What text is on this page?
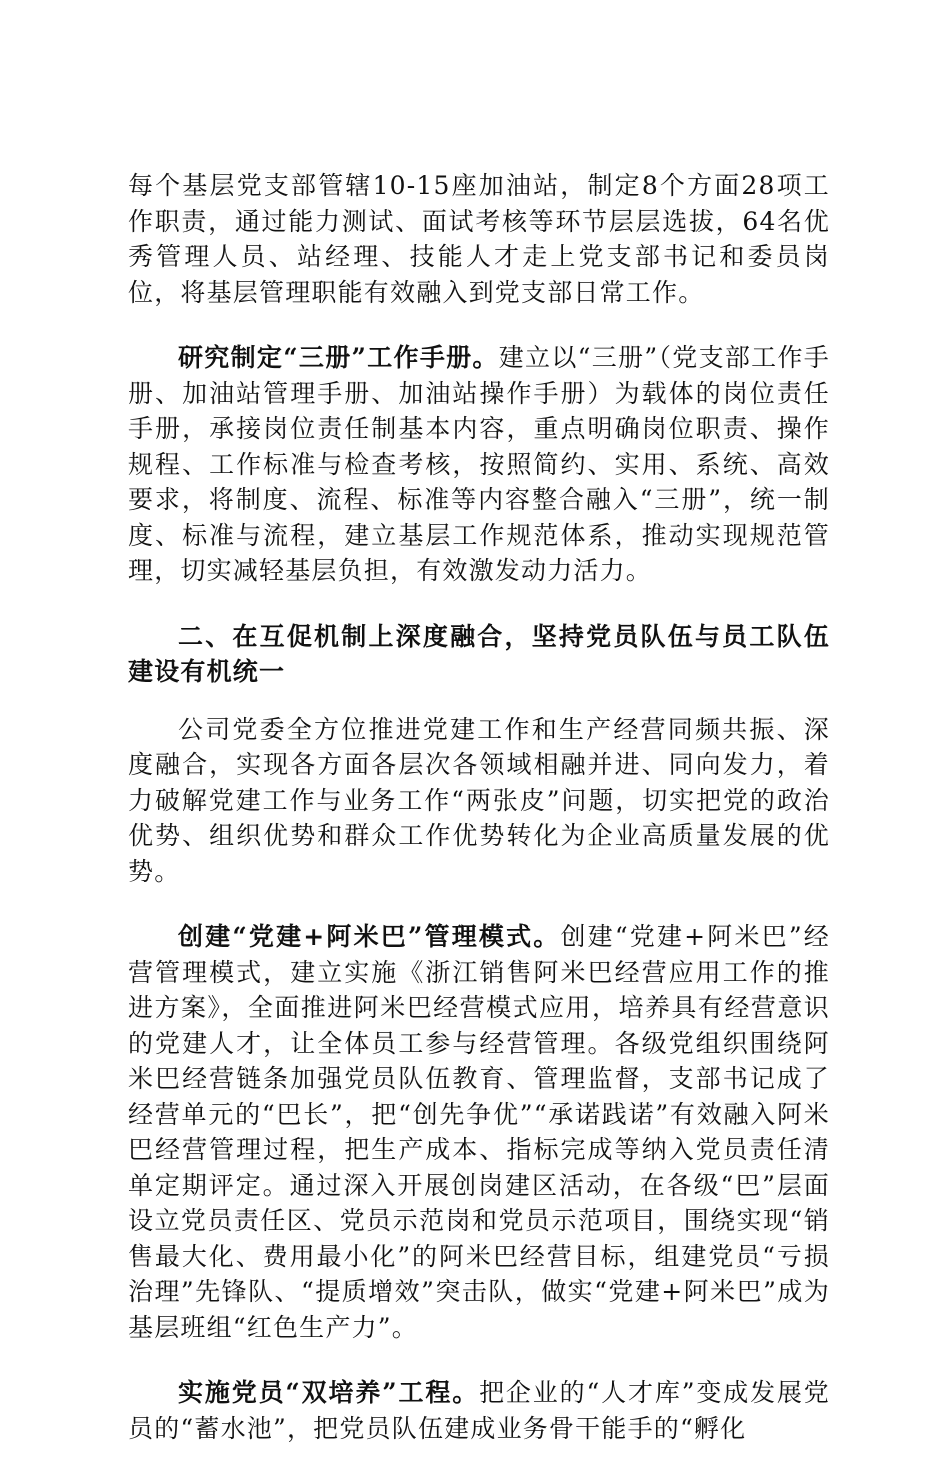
每个基层党支部管辖10-15座加油站，制定8个方面28项工作职责，通过能力测试、面试考核等环节层层选拔，64名优秀管理人员、站经理、技能人才走上党支部书记和委员岗位，将基层管理职能有效融入到党支部日常工作。

研究制定“三册”工作手册。建立以“三册”（党支部工作手册、加油站管理手册、加油站操作手册）为载体的岗位责任手册，承接岗位责任制基本内容，重点明确岗位职责、操作规程、工作标准与检查考核，按照简约、实用、系统、高效要求，将制度、流程、标准等内容整合融入“三册”，统一制度、标准与流程，建立基层工作规范体系，推动实现规范管理，切实减轻基层负担，有效激发动力活力。

二、在互促机制上深度融合，坚持党员队伍与员工队伍建设有机统一

公司党委全方位推进党建工作和生产经营同频共振、深度融合，实现各方面各层次各领域相融并进、同向发力，着力破解党建工作与业务工作“两张皮”问题，切实把党的政治优势、组织优势和群众工作优势转化为企业高质量发展的优势。

创建“党建+阿米巴”管理模式。创建“党建+阿米巴”经营管理模式，建立实施《浙江销售阿米巴经营应用工作的推进方案》，全面推进阿米巴经营模式应用，培养具有经营意识的党建人才，让全体员工参与经营管理。各级党组织围绕阿米巴经营链条加强党员队伍教育、管理监督，支部书记成了经营单元的“巴长”，把“创先争优”“承诺践诺”有效融入阿米巴经营管理过程，把生产成本、指标完成等纳入党员责任清单定期评定。通过深入开展创岗建区活动，在各级“巴”层面设立党员责任区、党员示范岗和党员示范项目，围绕实现“销售最大化、费用最小化”的阿米巴经营目标，组建党员“亏损治理”先锋队、“提质增效”突击队，做实“党建+阿米巴”成为基层班组“红色生产力”。

实施党员“双培养”工程。把企业的“人才库”变成发展党员的“蓄水池”，把党员队伍建成业务骨干能手的“孵化
